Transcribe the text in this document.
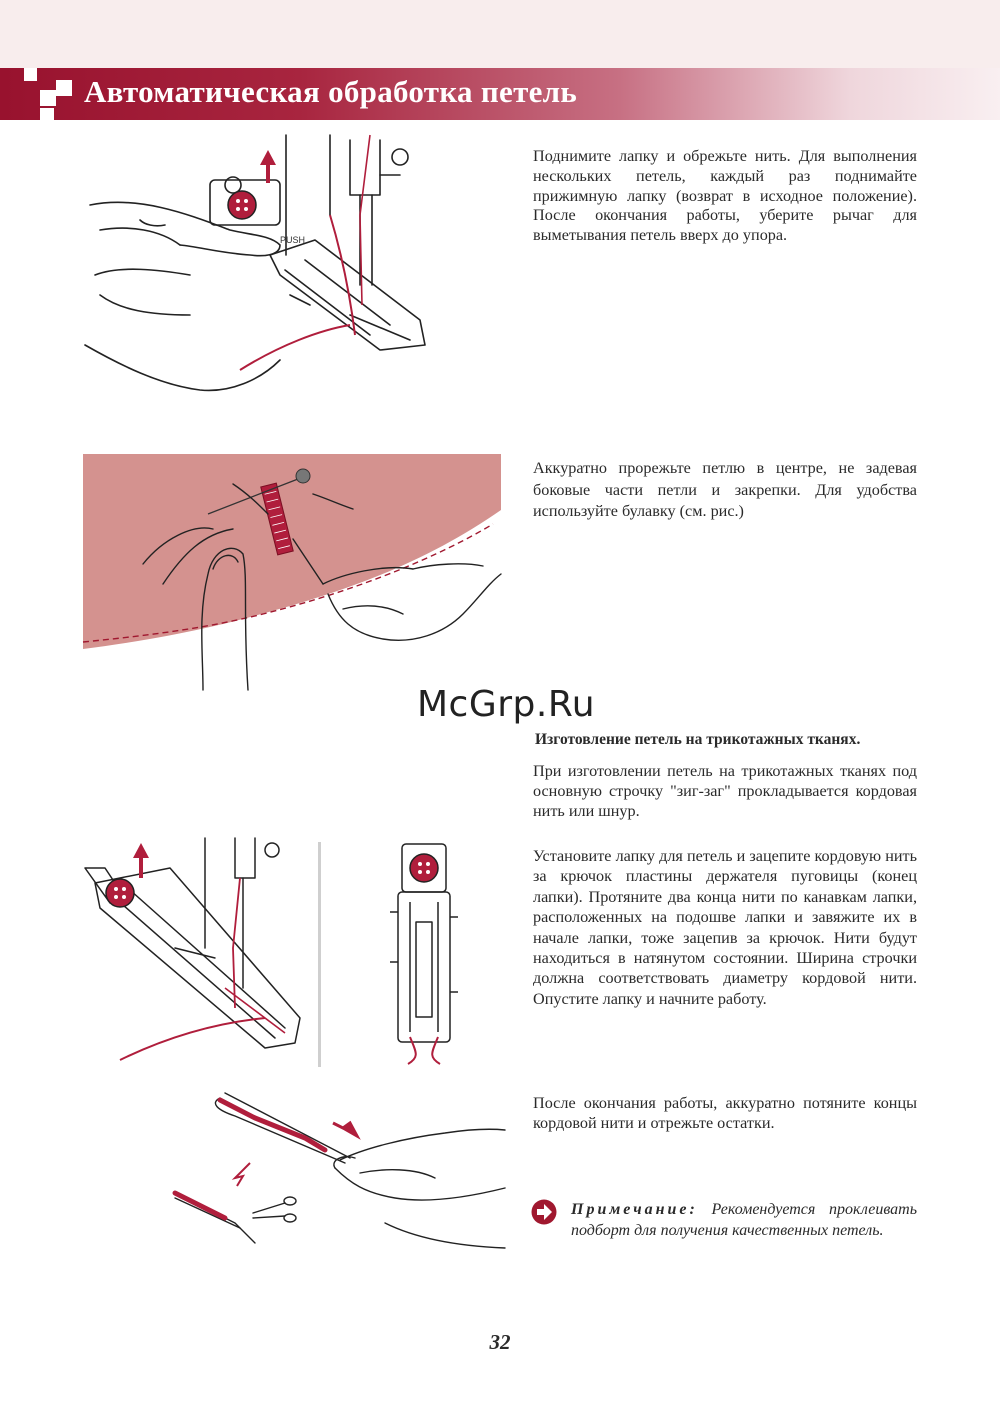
Автоматическая обработка петель
PUSH

Поднимите лапку и обрежьте нить. Для выполнения нескольких петель, каждый раз поднимайте прижимную лапку (возврат в исходное положение). После окончания работы, уберите рычаг для выметывания петель вверх до упора.

Аккуратно прорежьте петлю в центре, не задевая боковые части петли и закрепки. Для удобства используйте булавку (см. рис.)

McGrp.Ru

Изготовление петель на трикотажных тканях.

При изготовлении петель на трикотажных тканях под основную строчку "зиг-заг" прокладывается кордовая нить или шнур.

Установите лапку для петель и зацепите кордовую нить за крючок пластины держателя пуговицы (конец лапки). Протяните два конца нити по канавкам лапки, расположенных на подошве лапки и завяжите их в начале лапки, тоже зацепив за крючок. Нити будут находиться в натянутом состоянии. Ширина строчки должна соответствовать диаметру кордовой нити. Опустите лапку и начните работу.

После окончания работы, аккуратно потяните концы кордовой нити и отрежьте остатки.

Примечание: Рекомендуется проклеивать подборт для получения качественных петель.

32
